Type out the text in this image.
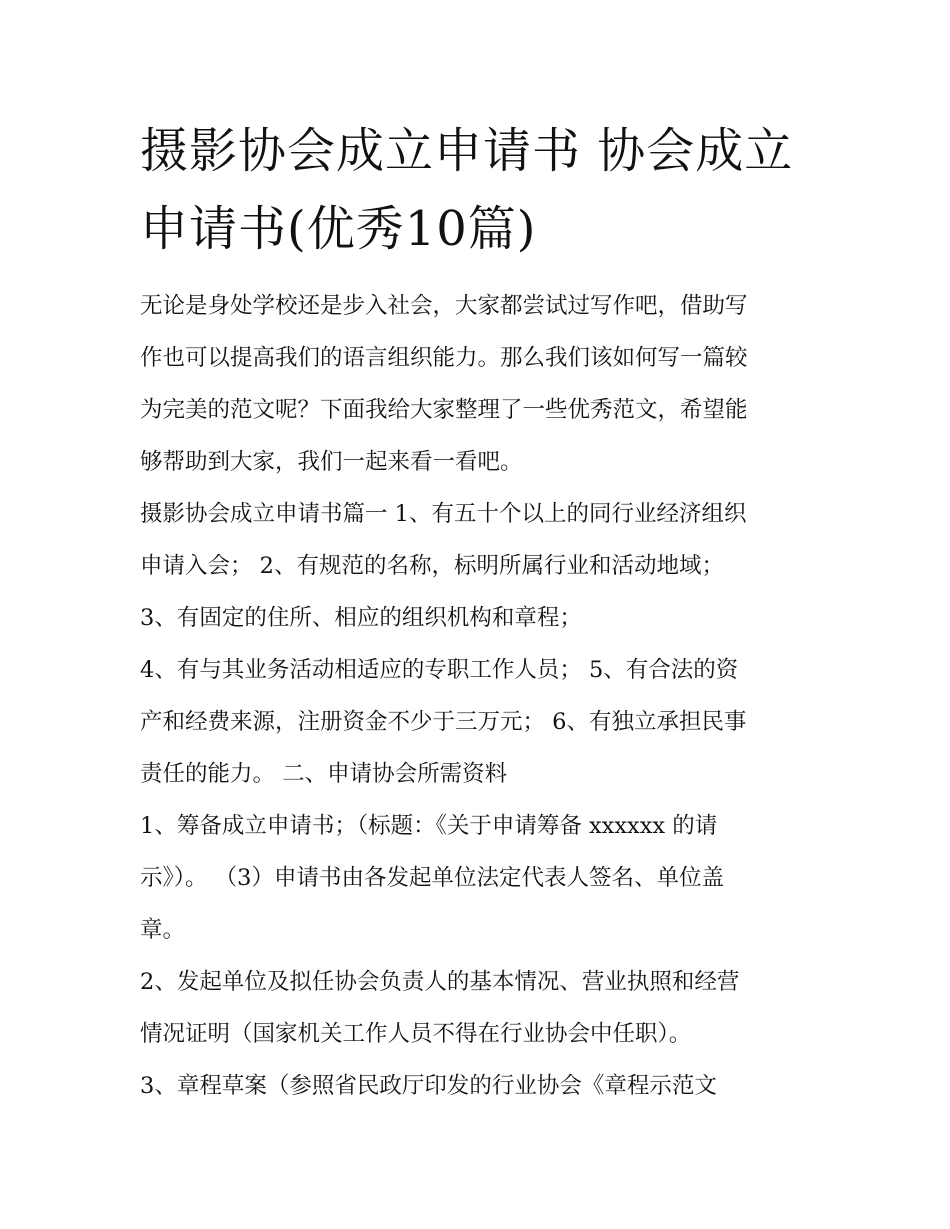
摄影协会成立申请书 协会成立
申请书(优秀10篇)
无论是身处学校还是步入社会，大家都尝试过写作吧，借助写
作也可以提高我们的语言组织能力。那么我们该如何写一篇较
为完美的范文呢？下面我给大家整理了一些优秀范文，希望能
够帮助到大家，我们一起来看一看吧。
摄影协会成立申请书篇一 1、有五十个以上的同行业经济组织
申请入会； 2、有规范的名称，标明所属行业和活动地域；
3、有固定的住所、相应的组织机构和章程；
4、有与其业务活动相适应的专职工作人员； 5、有合法的资
产和经费来源，注册资金不少于三万元； 6、有独立承担民事
责任的能力。 二、申请协会所需资料
1、筹备成立申请书；（标题：《关于申请筹备 xxxxxx 的请
示》）。 （3）申请书由各发起单位法定代表人签名、单位盖
章。
2、发起单位及拟任协会负责人的基本情况、营业执照和经营
情况证明（国家机关工作人员不得在行业协会中任职）。
3、章程草案（参照省民政厅印发的行业协会《章程示范文
